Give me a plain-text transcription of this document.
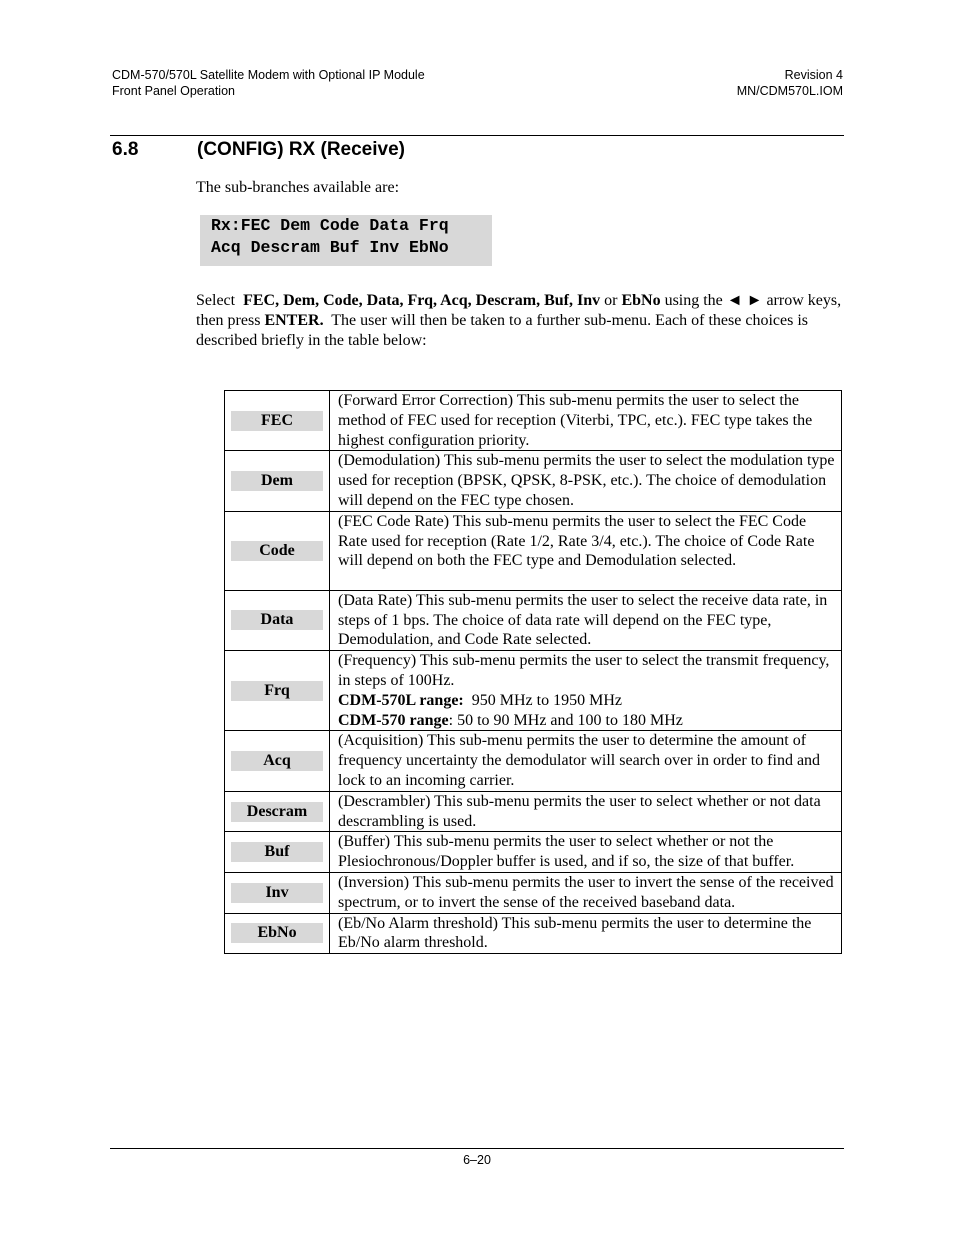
CDM-570/570L Satellite Modem with Optional IP Module
Front Panel Operation
Revision 4
MN/CDM570L.IOM
6.8	(CONFIG) RX (Receive)
The sub-branches available are:
Rx:FEC Dem Code Data Frq
Acq Descram Buf Inv EbNo
Select FEC, Dem, Code, Data, Frq, Acq, Descram, Buf, Inv or EbNo using the ◄ ► arrow keys, then press ENTER. The user will then be taken to a further sub-menu. Each of these choices is described briefly in the table below:
FEC	(Forward Error Correction) This sub-menu permits the user to select the method of FEC used for reception (Viterbi, TPC, etc.). FEC type takes the highest configuration priority.

Dem	(Demodulation) This sub-menu permits the user to select the modulation type used for reception (BPSK, QPSK, 8-PSK, etc.). The choice of demodulation will depend on the FEC type chosen.

Code	(FEC Code Rate) This sub-menu permits the user to select the FEC Code Rate used for reception (Rate 1/2, Rate 3/4, etc.). The choice of Code Rate will depend on both the FEC type and Demodulation selected.

Data	(Data Rate) This sub-menu permits the user to select the receive data rate, in steps of 1 bps. The choice of data rate will depend on the FEC type, Demodulation, and Code Rate selected.

Frq	(Frequency) This sub-menu permits the user to select the transmit frequency, in steps of 100Hz.
CDM-570L range: 950 MHz to 1950 MHz
CDM-570 range: 50 to 90 MHz and 100 to 180 MHz

Acq	(Acquisition) This sub-menu permits the user to determine the amount of frequency uncertainty the demodulator will search over in order to find and lock to an incoming carrier.

Descram	(Descrambler) This sub-menu permits the user to select whether or not data descrambling is used.

Buf	(Buffer) This sub-menu permits the user to select whether or not the Plesiochronous/Doppler buffer is used, and if so, the size of that buffer.

Inv	(Inversion) This sub-menu permits the user to invert the sense of the received spectrum, or to invert the sense of the received baseband data.

EbNo	(Eb/No Alarm threshold) This sub-menu permits the user to determine the Eb/No alarm threshold.
6–20
